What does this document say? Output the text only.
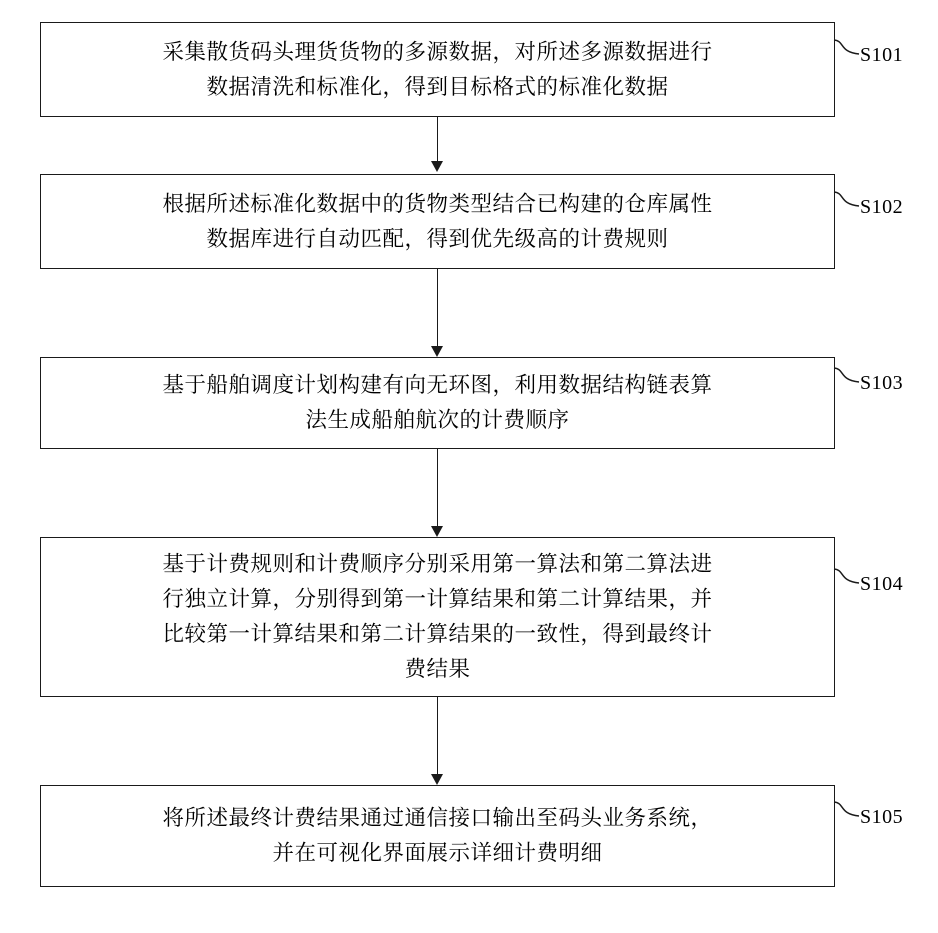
采集散货码头理货货物的多源数据，对所述多源数据进行
数据清洗和标准化，得到目标格式的标准化数据
S101
根据所述标准化数据中的货物类型结合已构建的仓库属性
数据库进行自动匹配，得到优先级高的计费规则
S102
基于船舶调度计划构建有向无环图，利用数据结构链表算
法生成船舶航次的计费顺序
S103
基于计费规则和计费顺序分别采用第一算法和第二算法进
行独立计算，分别得到第一计算结果和第二计算结果，并
比较第一计算结果和第二计算结果的一致性，得到最终计
费结果
S104
将所述最终计费结果通过通信接口输出至码头业务系统，
并在可视化界面展示详细计费明细
S105
